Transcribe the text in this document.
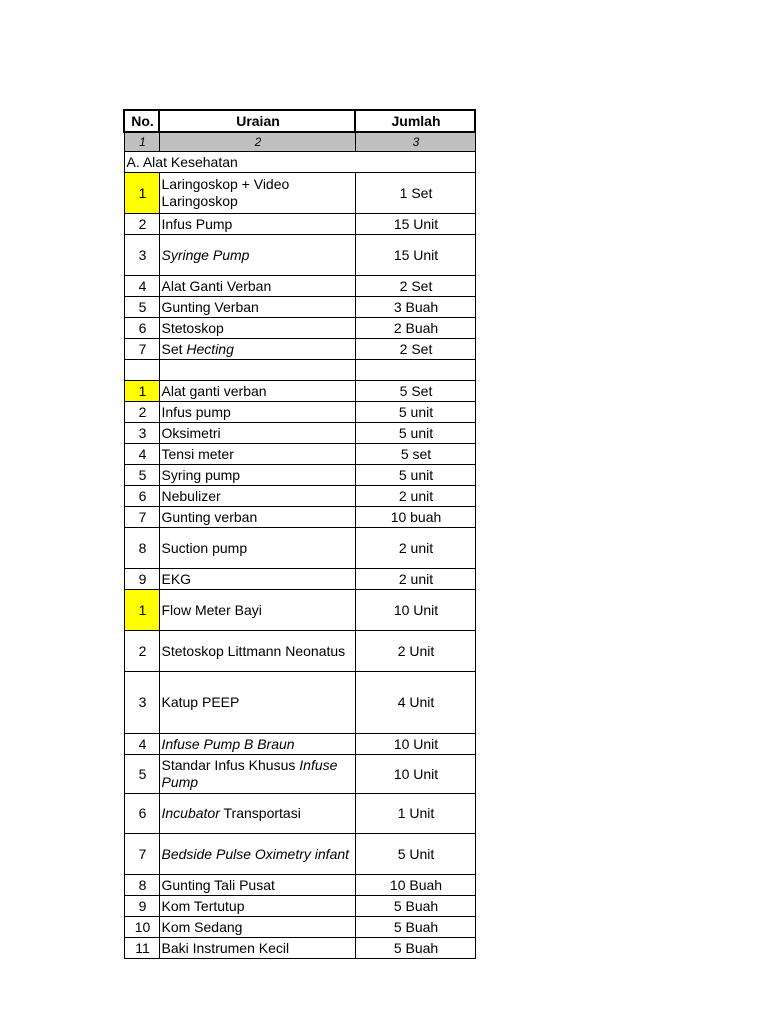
No.	Uraian	Jumlah
1	2	3
A. Alat Kesehatan		
1	Laringoskop + Video Laringoskop	1 Set
2	Infus Pump	15 Unit
3	Syringe Pump	15 Unit
4	Alat Ganti Verban	2 Set
5	Gunting Verban	3 Buah
6	Stetoskop	2 Buah
7	Set Hecting	2 Set

1	Alat ganti verban	5 Set
2	Infus pump	5 unit
3	Oksimetri	5 unit
4	Tensi meter	5 set
5	Syring pump	5 unit
6	Nebulizer	2 unit
7	Gunting verban	10 buah
8	Suction pump	2 unit
9	EKG	2 unit
1	Flow Meter Bayi	10 Unit
2	Stetoskop Littmann Neonatus	2 Unit
3	Katup PEEP	4 Unit
4	Infuse Pump B Braun	10 Unit
5	Standar Infus Khusus Infuse Pump	10 Unit
6	Incubator Transportasi	1 Unit
7	Bedside Pulse Oximetry infant	5 Unit
8	Gunting Tali Pusat	10 Buah
9	Kom Tertutup	5 Buah
10	Kom Sedang	5 Buah
11	Baki Instrumen Kecil	5 Buah
